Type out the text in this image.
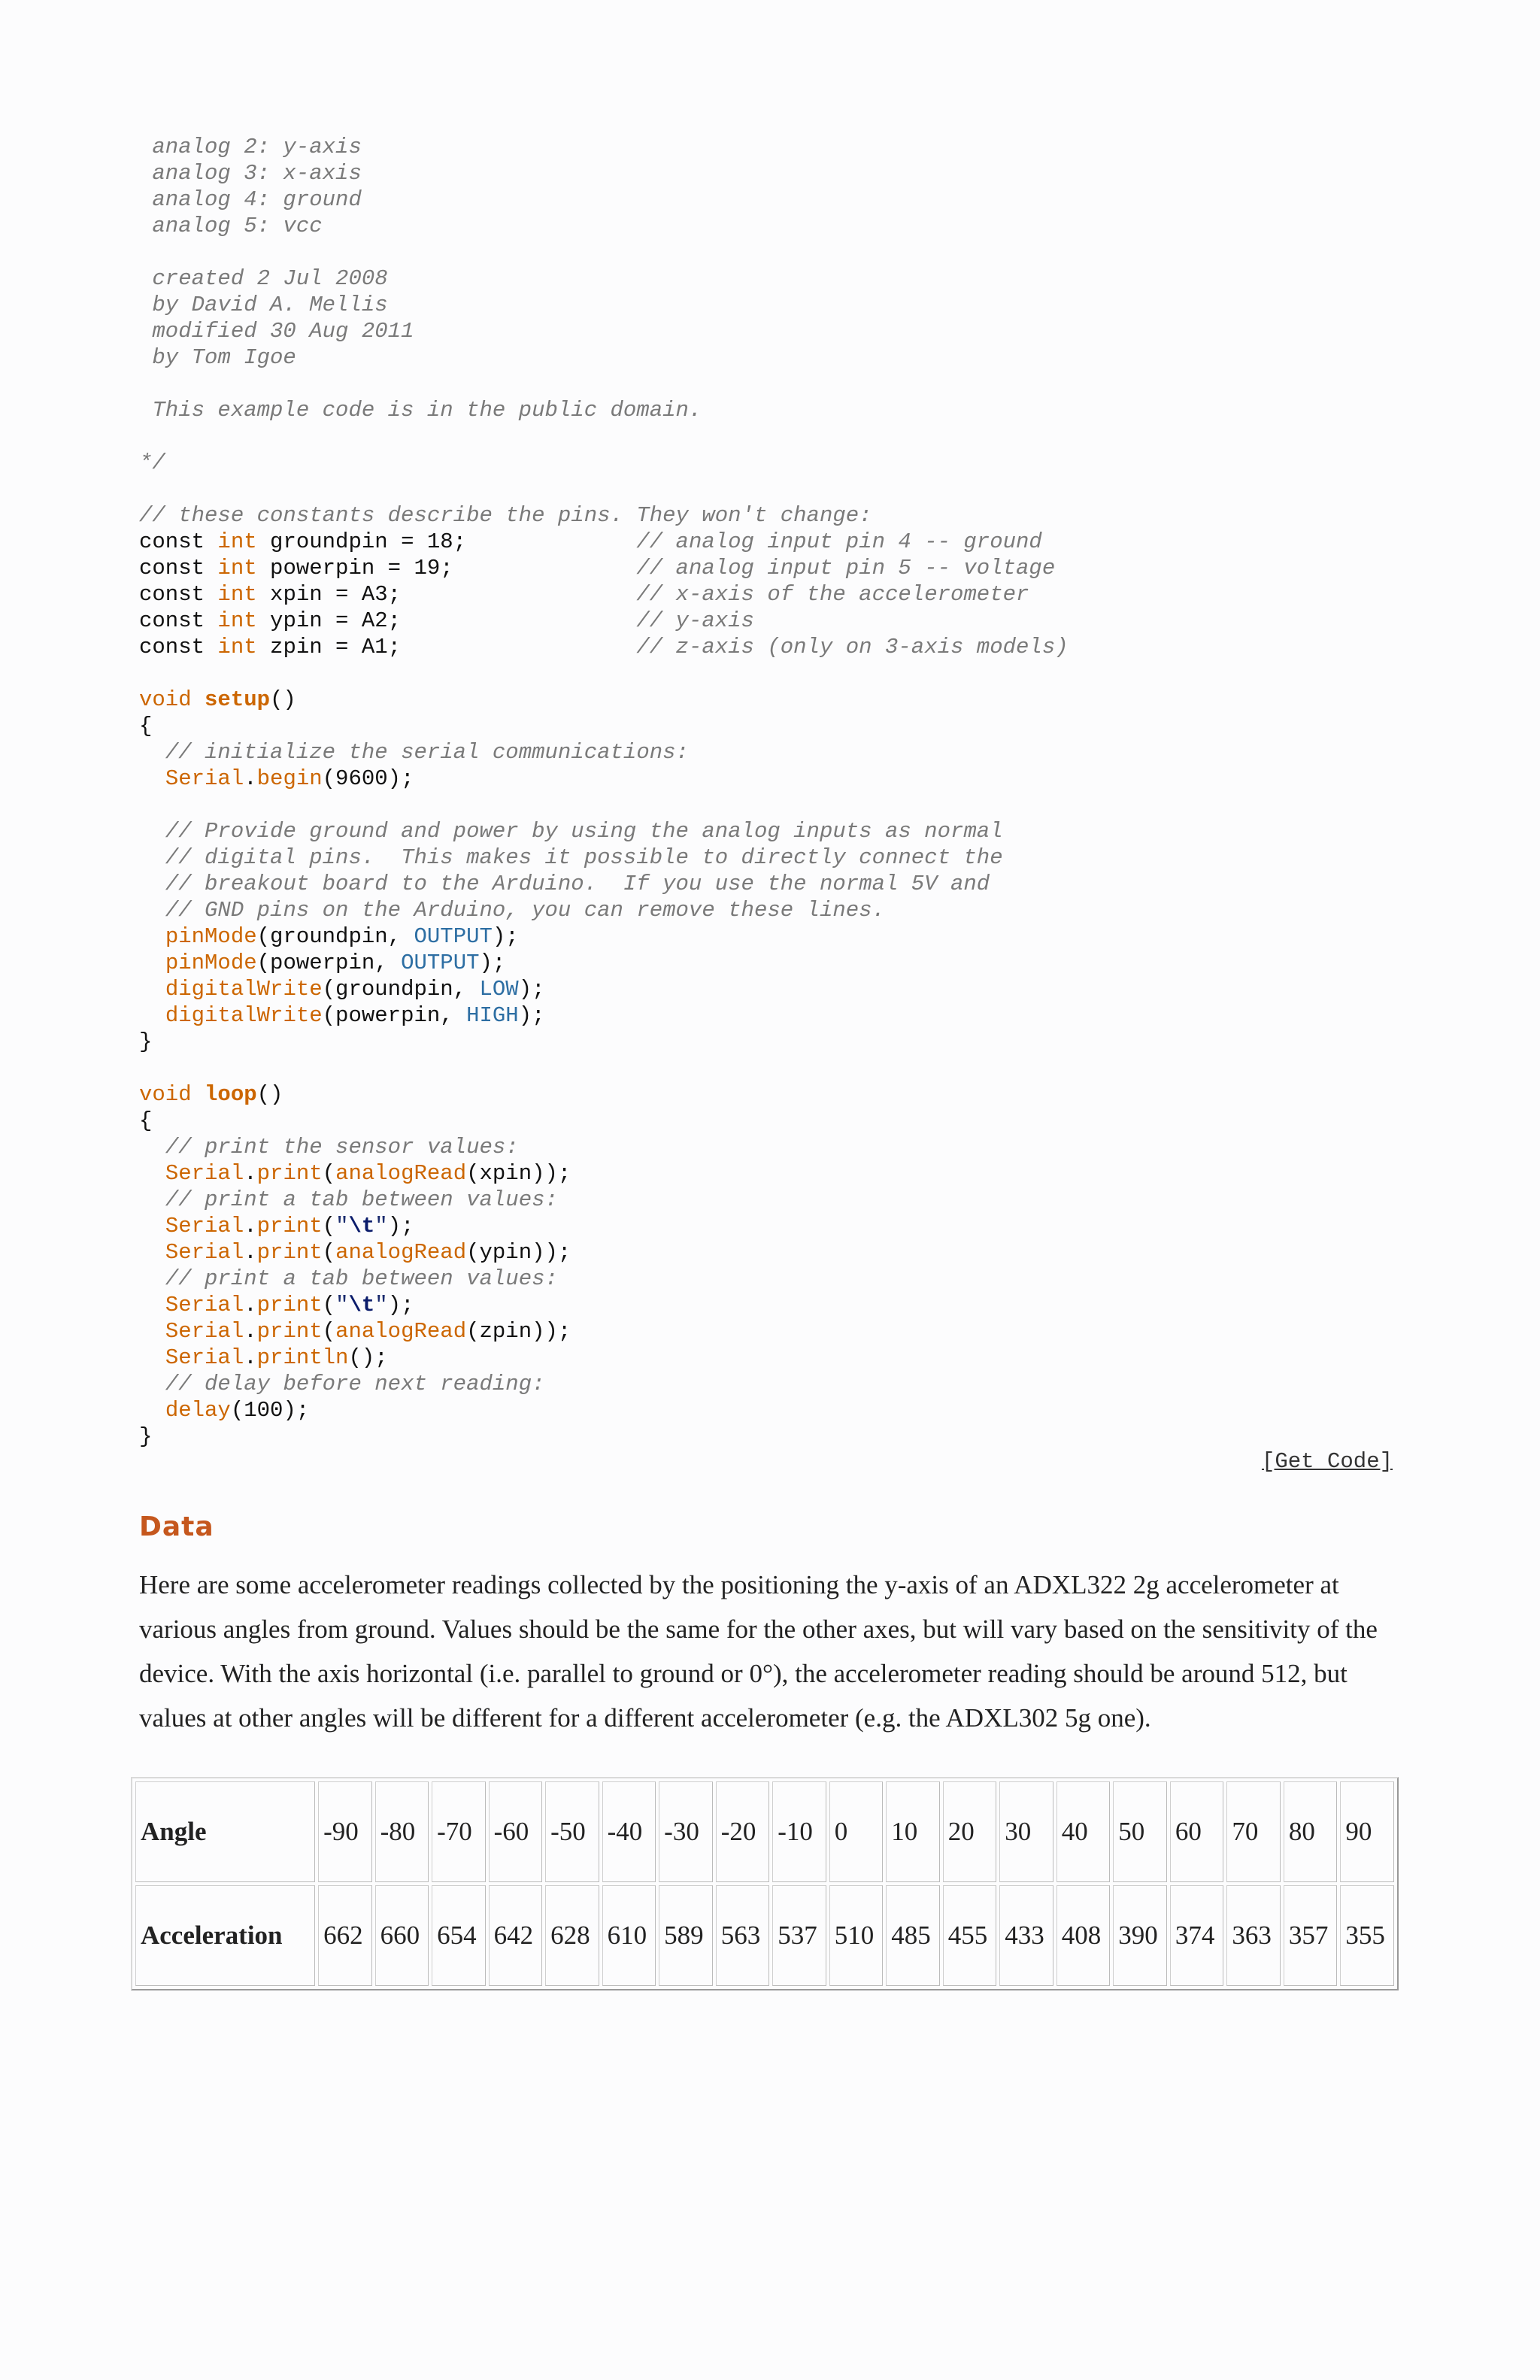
analog 2: y-axis
analog 3: x-axis
analog 4: ground
analog 5: vcc
created 2 Jul 2008
by David A. Mellis
modified 30 Aug 2011
by Tom Igoe
This example code is in the public domain.
*/
// these constants describe the pins. They won't change:
const int groundpin = 18;             // analog input pin 4 -- ground
const int powerpin = 19;              // analog input pin 5 -- voltage
const int xpin = A3;                  // x-axis of the accelerometer
const int ypin = A2;                  // y-axis
const int zpin = A1;                  // z-axis (only on 3-axis models)
void setup()
{
// initialize the serial communications:
Serial.begin(9600);
// Provide ground and power by using the analog inputs as normal
// digital pins.  This makes it possible to directly connect the
// breakout board to the Arduino.  If you use the normal 5V and
// GND pins on the Arduino, you can remove these lines.
pinMode(groundpin, OUTPUT);
pinMode(powerpin, OUTPUT);
digitalWrite(groundpin, LOW);
digitalWrite(powerpin, HIGH);
}
void loop()
{
// print the sensor values:
Serial.print(analogRead(xpin));
// print a tab between values:
Serial.print("\t");
Serial.print(analogRead(ypin));
// print a tab between values:
Serial.print("\t");
Serial.print(analogRead(zpin));
Serial.println();
// delay before next reading:
delay(100);
}
[Get Code]
Data

Here are some accelerometer readings collected by the positioning the y-axis of an ADXL322 2g accelerometer at various angles from ground. Values should be the same for the other axes, but will vary based on the sensitivity of the device. With the axis horizontal (i.e. parallel to ground or 0°), the accelerometer reading should be around 512, but values at other angles will be different for a different accelerometer (e.g. the ADXL302 5g one).

Angle	-90	-80	-70	-60	-50	-40	-30	-20	-10	0	10	20	30	40	50	60	70	80	90
Acceleration	662	660	654	642	628	610	589	563	537	510	485	455	433	408	390	374	363	357	355
